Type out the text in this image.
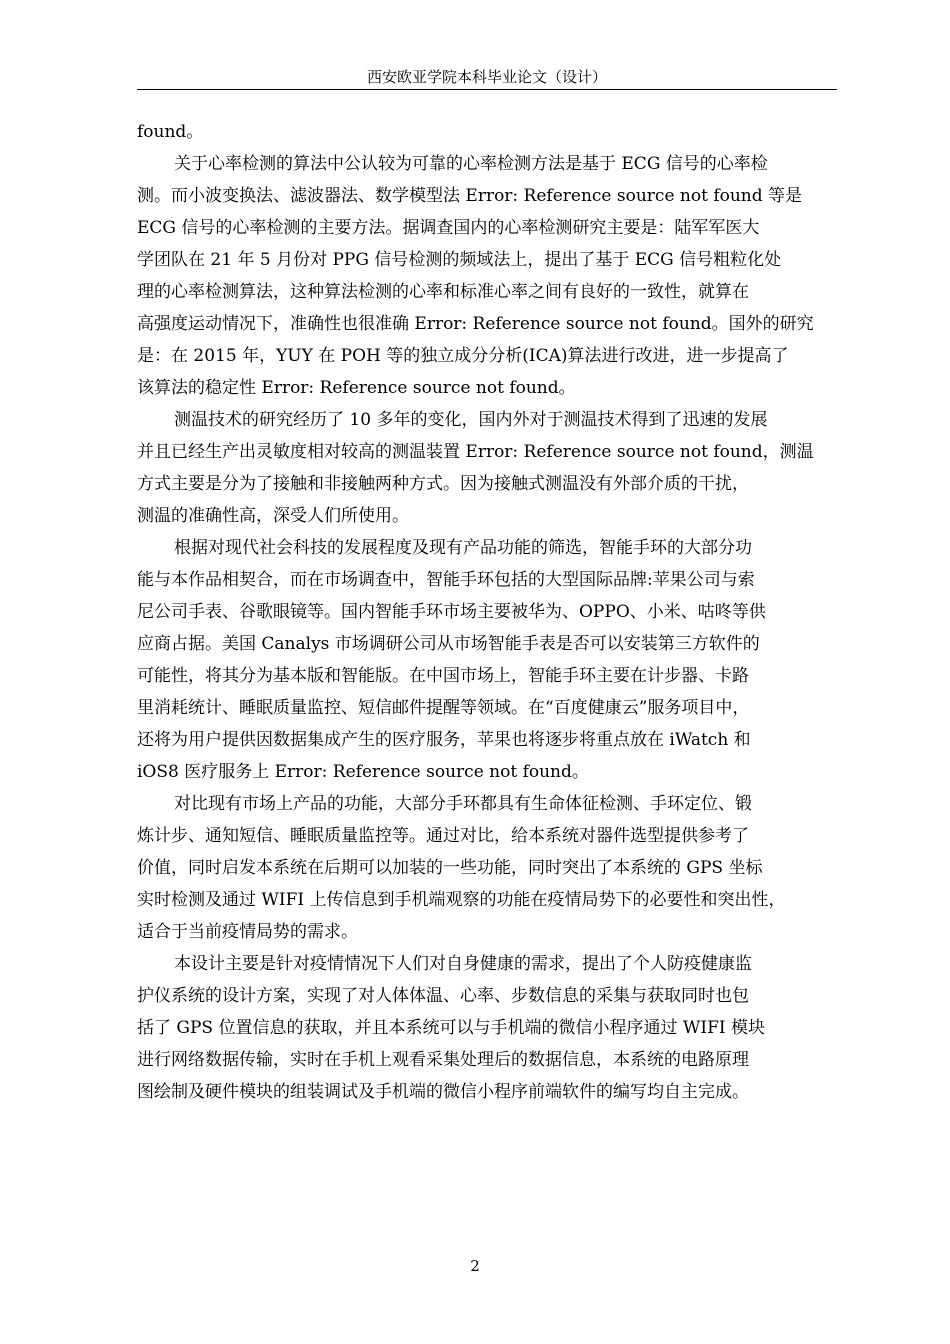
西安欧亚学院本科毕业论文（设计）
found。
关于心率检测的算法中公认较为可靠的心率检测方法是基于 ECG 信号的心率检
测。而小波变换法、滤波器法、数学模型法 Error: Reference source not found 等是
ECG 信号的心率检测的主要方法。据调查国内的心率检测研究主要是：陆军军医大
学团队在 21 年 5 月份对 PPG 信号检测的频域法上，提出了基于 ECG 信号粗粒化处
理的心率检测算法，这种算法检测的心率和标准心率之间有良好的一致性，就算在
高强度运动情况下，准确性也很准确 Error: Reference source not found。国外的研究
是：在 2015 年，YUY 在 POH 等的独立成分分析(ICA)算法进行改进，进一步提高了
该算法的稳定性 Error: Reference source not found。
测温技术的研究经历了 10 多年的变化，国内外对于测温技术得到了迅速的发展
并且已经生产出灵敏度相对较高的测温装置 Error: Reference source not found，测温
方式主要是分为了接触和非接触两种方式。因为接触式测温没有外部介质的干扰，
测温的准确性高，深受人们所使用。
根据对现代社会科技的发展程度及现有产品功能的筛选，智能手环的大部分功
能与本作品相契合，而在市场调查中，智能手环包括的大型国际品牌:苹果公司与索
尼公司手表、谷歌眼镜等。国内智能手环市场主要被华为、OPPO、小米、咕咚等供
应商占据。美国 Canalys 市场调研公司从市场智能手表是否可以安装第三方软件的
可能性，将其分为基本版和智能版。在中国市场上，智能手环主要在计步器、卡路
里消耗统计、睡眠质量监控、短信邮件提醒等领域。在“百度健康云”服务项目中，
还将为用户提供因数据集成产生的医疗服务，苹果也将逐步将重点放在 iWatch 和
iOS8 医疗服务上 Error: Reference source not found。
对比现有市场上产品的功能，大部分手环都具有生命体征检测、手环定位、锻
炼计步、通知短信、睡眠质量监控等。通过对比，给本系统对器件选型提供参考了
价值，同时启发本系统在后期可以加装的一些功能，同时突出了本系统的 GPS 坐标
实时检测及通过 WIFI 上传信息到手机端观察的功能在疫情局势下的必要性和突出性，
适合于当前疫情局势的需求。
本设计主要是针对疫情情况下人们对自身健康的需求，提出了个人防疫健康监
护仪系统的设计方案，实现了对人体体温、心率、步数信息的采集与获取同时也包
括了 GPS 位置信息的获取，并且本系统可以与手机端的微信小程序通过 WIFI 模块
进行网络数据传输，实时在手机上观看采集处理后的数据信息，本系统的电路原理
图绘制及硬件模块的组装调试及手机端的微信小程序前端软件的编写均自主完成。
2
